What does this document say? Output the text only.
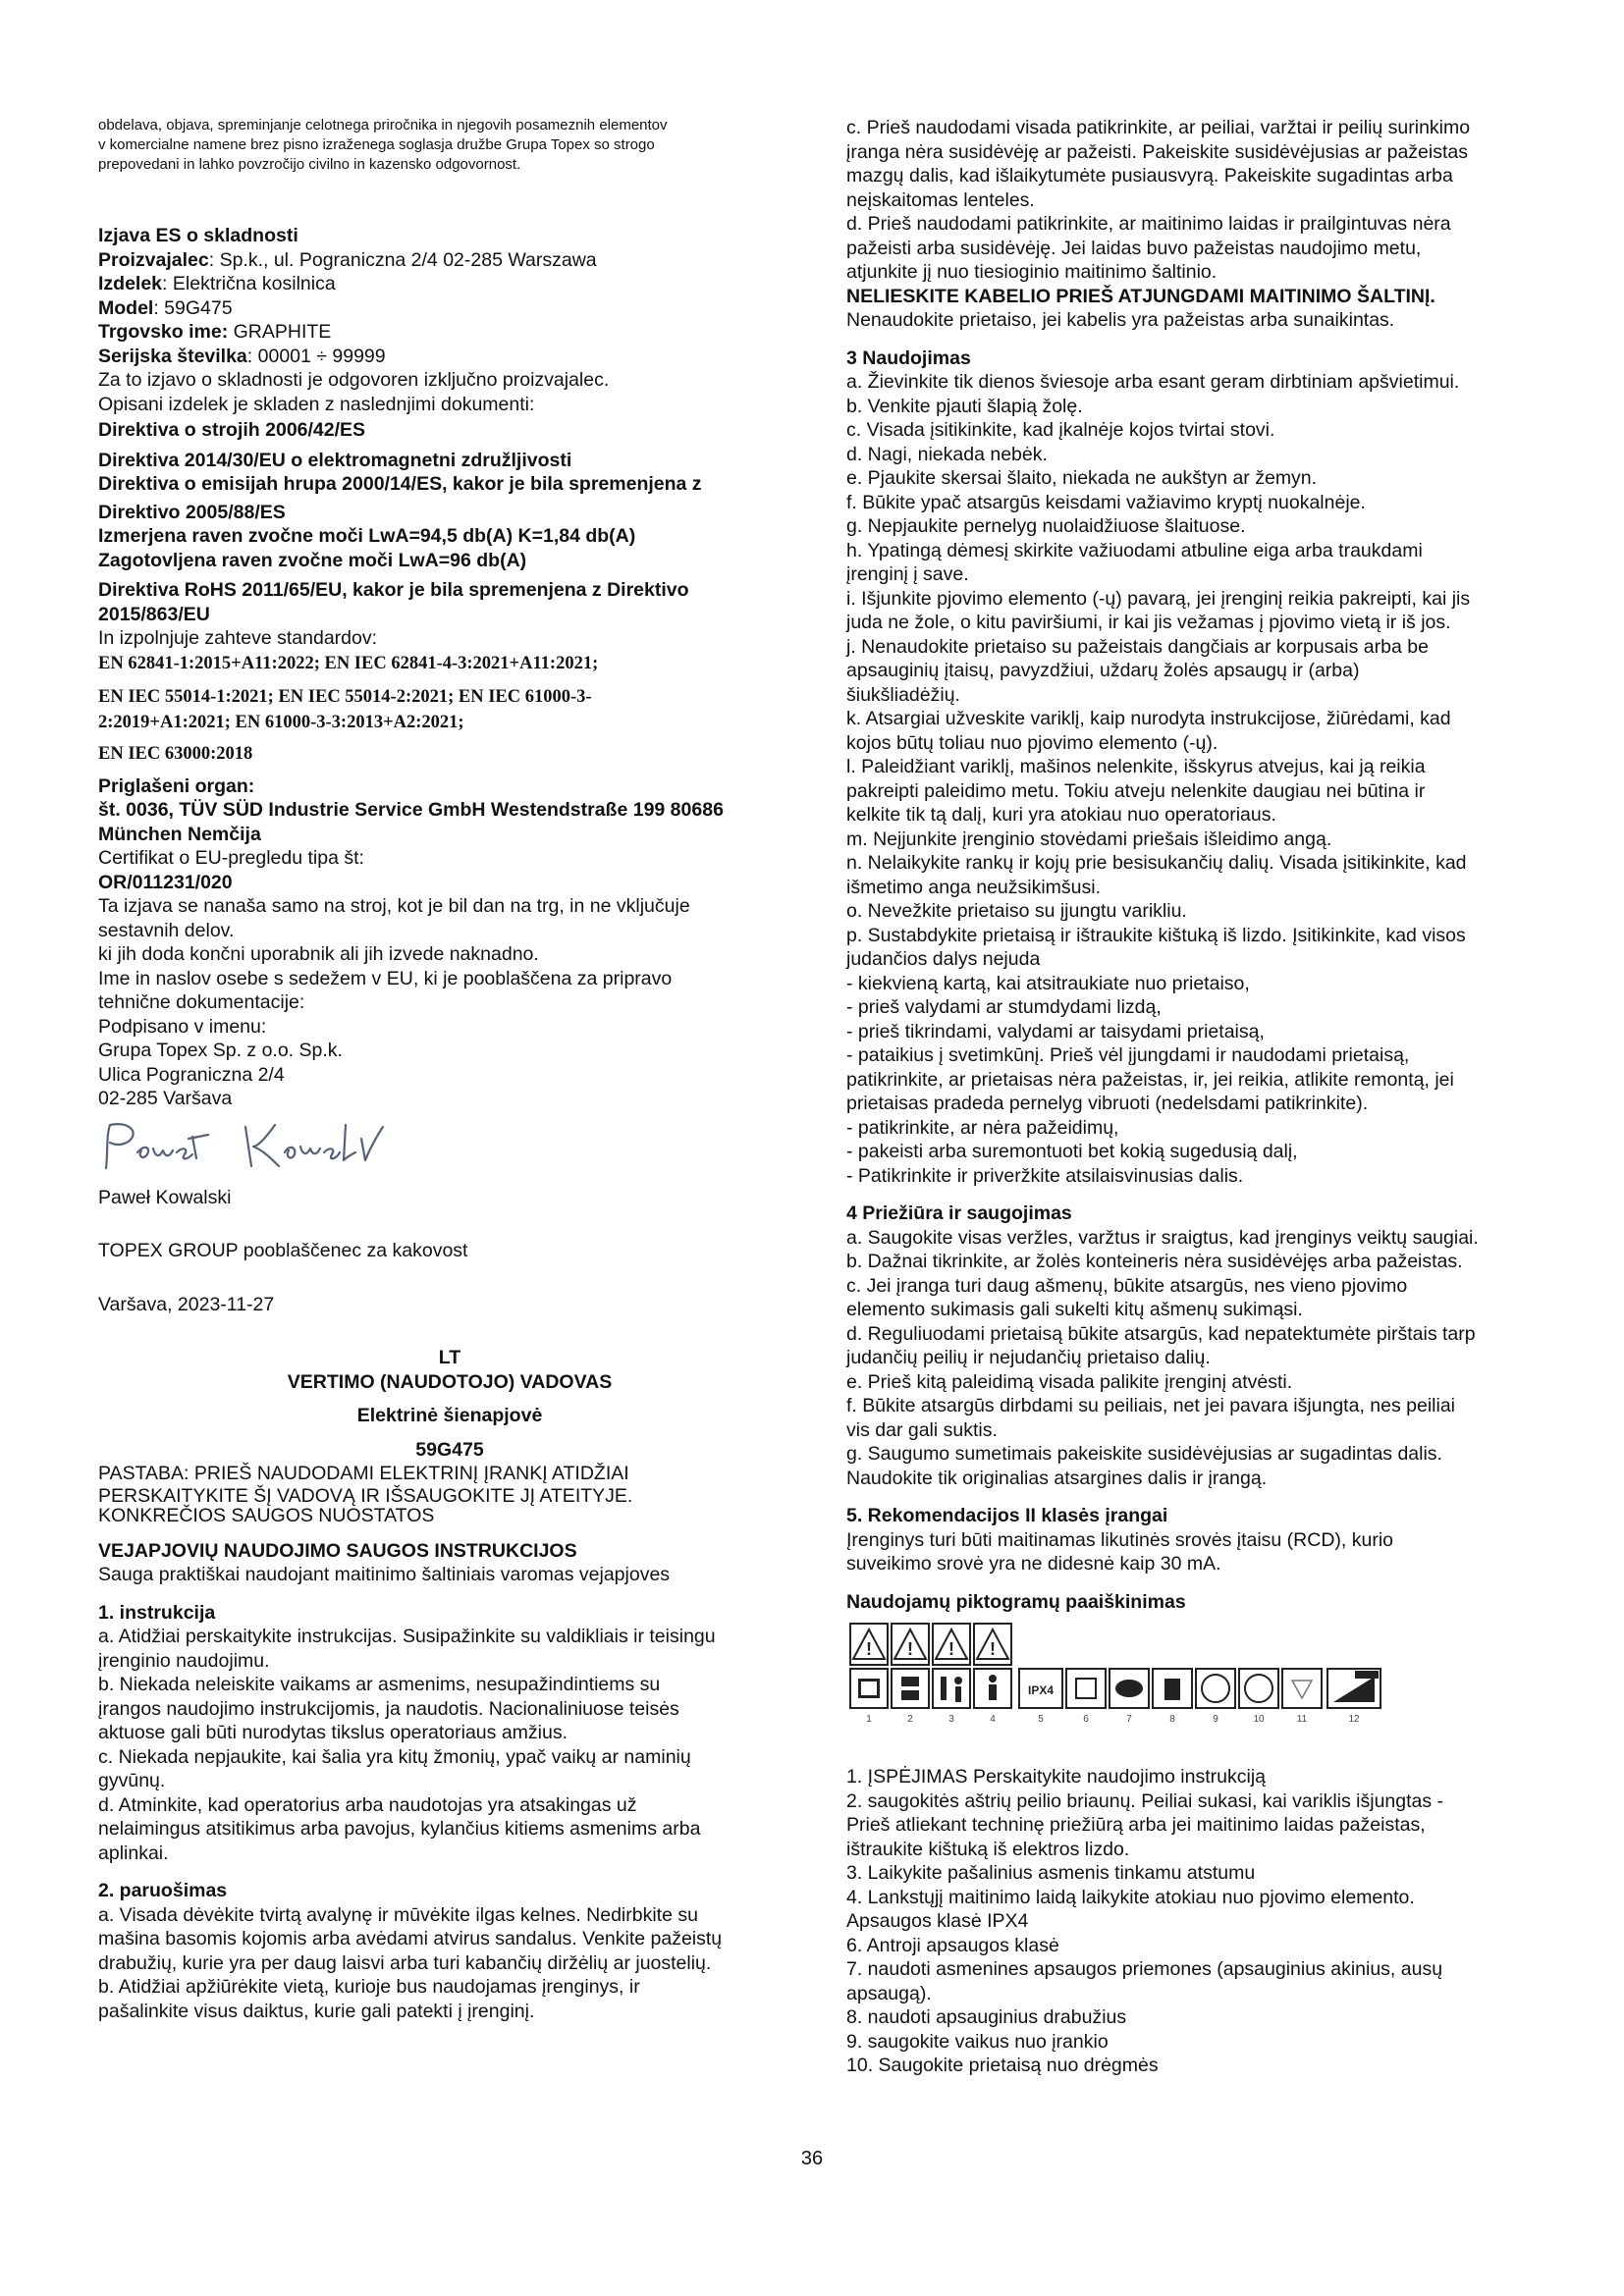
obdelava, objava, spreminjanje celotnega priročnika in njegovih posameznih elementov

v komercialne namene brez pisno izraženega soglasja družbe Grupa Topex so strogo

prepovedani in lahko povzročijo civilno in kazensko odgovornost.

Izjava ES o skladnosti

Proizvajalec: Sp.k., ul. Pograniczna 2/4 02-285 Warszawa

Izdelek: Električna kosilnica

Model: 59G475

Trgovsko ime: GRAPHITE

Serijska številka: 00001 ÷ 99999

Za to izjavo o skladnosti je odgovoren izključno proizvajalec.

Opisani izdelek je skladen z naslednjimi dokumenti:

Direktiva o strojih 2006/42/ES

Direktiva 2014/30/EU o elektromagnetni združljivosti

Direktiva o emisijah hrupa 2000/14/ES, kakor je bila spremenjena z

Direktivo 2005/88/ES

Izmerjena raven zvočne moči LwA=94,5 db(A) K=1,84 db(A)

Zagotovljena raven zvočne moči LwA=96 db(A)

Direktiva RoHS 2011/65/EU, kakor je bila spremenjena z Direktivo

2015/863/EU

In izpolnjuje zahteve standardov:

EN 62841-1:2015+A11:2022; EN IEC 62841-4-3:2021+A11:2021;

EN IEC 55014-1:2021; EN IEC 55014-2:2021; EN IEC 61000-3-

2:2019+A1:2021; EN 61000-3-3:2013+A2:2021;

EN IEC 63000:2018

Priglašeni organ:

št. 0036, TÜV SÜD Industrie Service GmbH Westendstraße 199 80686

München Nemčija

Certifikat o EU-pregledu tipa št:

OR/011231/020

Ta izjava se nanaša samo na stroj, kot je bil dan na trg, in ne vključuje

sestavnih delov.

ki jih doda končni uporabnik ali jih izvede naknadno.

Ime in naslov osebe s sedežem v EU, ki je pooblaščena za pripravo

tehnične dokumentacije:

Podpisano v imenu:

Grupa Topex Sp. z o.o. Sp.k.

Ulica Pograniczna 2/4

02-285 Varšava

Paweł Kowalski

TOPEX GROUP pooblaščenec za kakovost

Varšava, 2023-11-27

LT

VERTIMO (NAUDOTOJO) VADOVAS

Elektrinė šienapjovė

59G475

PASTABA: PRIEŠ NAUDODAMI ELEKTRINĮ ĮRANKĮ ATIDŽIAI

PERSKAITYKITE ŠĮ VADOVĄ IR IŠSAUGOKITE JĮ ATEITYJE.

KONKREČIOS SAUGOS NUOSTATOS

VEJAPJOVIŲ NAUDOJIMO SAUGOS INSTRUKCIJOS

Sauga praktiškai naudojant maitinimo šaltiniais varomas vejapjoves

1. instrukcija

a. Atidžiai perskaitykite instrukcijas. Susipažinkite su valdikliais ir teisingu

įrenginio naudojimu.

b. Niekada neleiskite vaikams ar asmenims, nesupažindintiems su

įrangos naudojimo instrukcijomis, ja naudotis. Nacionaliniuose teisės

aktuose gali būti nurodytas tikslus operatoriaus amžius.

c. Niekada nepjaukite, kai šalia yra kitų žmonių, ypač vaikų ar naminių

gyvūnų.

d. Atminkite, kad operatorius arba naudotojas yra atsakingas už

nelaimingus atsitikimus arba pavojus, kylančius kitiems asmenims arba

aplinkai.

2. paruošimas

a. Visada dėvėkite tvirtą avalynę ir mūvėkite ilgas kelnes. Nedirbkite su

mašina basomis kojomis arba avėdami atvirus sandalus. Venkite pažeistų

drabužių, kurie yra per daug laisvi arba turi kabančių diržėlių ar juostelių.

b. Atidžiai apžiūrėkite vietą, kurioje bus naudojamas įrenginys, ir

pašalinkite visus daiktus, kurie gali patekti į įrenginį.

c. Prieš naudodami visada patikrinkite, ar peiliai, varžtai ir peilių surinkimo

įranga nėra susidėvėję ar pažeisti. Pakeiskite susidėvėjusias ar pažeistas

mazgų dalis, kad išlaikytumėte pusiausvyrą. Pakeiskite sugadintas arba

neįskaitomas lenteles.

d. Prieš naudodami patikrinkite, ar maitinimo laidas ir prailgintuvas nėra

pažeisti arba susidėvėję. Jei laidas buvo pažeistas naudojimo metu,

atjunkite jį nuo tiesioginio maitinimo šaltinio.

NELIESKITE KABELIO PRIEŠ ATJUNGDAMI MAITINIMO ŠALTINĮ.

Nenaudokite prietaiso, jei kabelis yra pažeistas arba sunaikintas.

3 Naudojimas

a. Žievinkite tik dienos šviesoje arba esant geram dirbtiniam apšvietimui.

b. Venkite pjauti šlapią žolę.

c. Visada įsitikinkite, kad įkalnėje kojos tvirtai stovi.

d. Nagi, niekada nebėk.

e. Pjaukite skersai šlaito, niekada ne aukštyn ar žemyn.

f. Būkite ypač atsargūs keisdami važiavimo kryptį nuokalnėje.

g. Nepjaukite pernelyg nuolaidžiuose šlaituose.

h. Ypatingą dėmesį skirkite važiuodami atbuline eiga arba traukdami

įrenginį į save.

i. Išjunkite pjovimo elemento (-ų) pavarą, jei įrenginį reikia pakreipti, kai jis

juda ne žole, o kitu paviršiumi, ir kai jis vežamas į pjovimo vietą ir iš jos.

j. Nenaudokite prietaiso su pažeistais dangčiais ar korpusais arba be

apsauginių įtaisų, pavyzdžiui, uždarų žolės apsaugų ir (arba)

šiukšliadėžių.

k. Atsargiai užveskite variklį, kaip nurodyta instrukcijose, žiūrėdami, kad

kojos būtų toliau nuo pjovimo elemento (-ų).

l. Paleidžiant variklį, mašinos nelenkite, išskyrus atvejus, kai ją reikia

pakreipti paleidimo metu. Tokiu atveju nelenkite daugiau nei būtina ir

kelkite tik tą dalį, kuri yra atokiau nuo operatoriaus.

m. Neįjunkite įrenginio stovėdami priešais išleidimo angą.

n. Nelaikykite rankų ir kojų prie besisukančių dalių. Visada įsitikinkite, kad

išmetimo anga neužsikimšusi.

o. Nevežkite prietaiso su įjungtu varikliu.

p. Sustabdykite prietaisą ir ištraukite kištuką iš lizdo. Įsitikinkite, kad visos

judančios dalys nejuda

- kiekvieną kartą, kai atsitraukiate nuo prietaiso,

- prieš valydami ar stumdydami lizdą,

- prieš tikrindami, valydami ar taisydami prietaisą,

- pataikius į svetimkūnį. Prieš vėl įjungdami ir naudodami prietaisą,

patikrinkite, ar prietaisas nėra pažeistas, ir, jei reikia, atlikite remontą, jei

prietaisas pradeda pernelyg vibruoti (nedelsdami patikrinkite).

- patikrinkite, ar nėra pažeidimų,

- pakeisti arba suremontuoti bet kokią sugedusią dalį,

- Patikrinkite ir priveržkite atsilaisvinusias dalis.

4 Priežiūra ir saugojimas

a. Saugokite visas veržles, varžtus ir sraigtus, kad įrenginys veiktų saugiai.

b. Dažnai tikrinkite, ar žolės konteineris nėra susidėvėjęs arba pažeistas.

c. Jei įranga turi daug ašmenų, būkite atsargūs, nes vieno pjovimo

elemento sukimasis gali sukelti kitų ašmenų sukimąsi.

d. Reguliuodami prietaisą būkite atsargūs, kad nepatektumėte pirštais tarp

judančių peilių ir nejudančių prietaiso dalių.

e. Prieš kitą paleidimą visada palikite įrenginį atvėsti.

f. Būkite atsargūs dirbdami su peiliais, net jei pavara išjungta, nes peiliai

vis dar gali suktis.

g. Saugumo sumetimais pakeiskite susidėvėjusias ar sugadintas dalis.

Naudokite tik originalias atsargines dalis ir įrangą.

5. Rekomendacijos II klasės įrangai

Įrenginys turi būti maitinamas likutinės srovės įtaisu (RCD), kurio

suveikimo srovė yra ne didesnė kaip 30 mA.

Naudojamų piktogramų paaiškinimas

! ! ! !
IPX4
1	2	3	4	5	6	7	8	9	10	11	12

1. ĮSPĖJIMAS Perskaitykite naudojimo instrukciją

2. saugokitės aštrių peilio briaunų. Peiliai sukasi, kai variklis išjungtas -

Prieš atliekant techninę priežiūrą arba jei maitinimo laidas pažeistas,

ištraukite kištuką iš elektros lizdo.

3. Laikykite pašalinius asmenis tinkamu atstumu

4. Lankstųjį maitinimo laidą laikykite atokiau nuo pjovimo elemento.

Apsaugos klasė IPX4

6. Antroji apsaugos klasė

7. naudoti asmenines apsaugos priemones (apsauginius akinius, ausų

apsaugą).

8. naudoti apsauginius drabužius

9. saugokite vaikus nuo įrankio

10. Saugokite prietaisą nuo drėgmės

36
